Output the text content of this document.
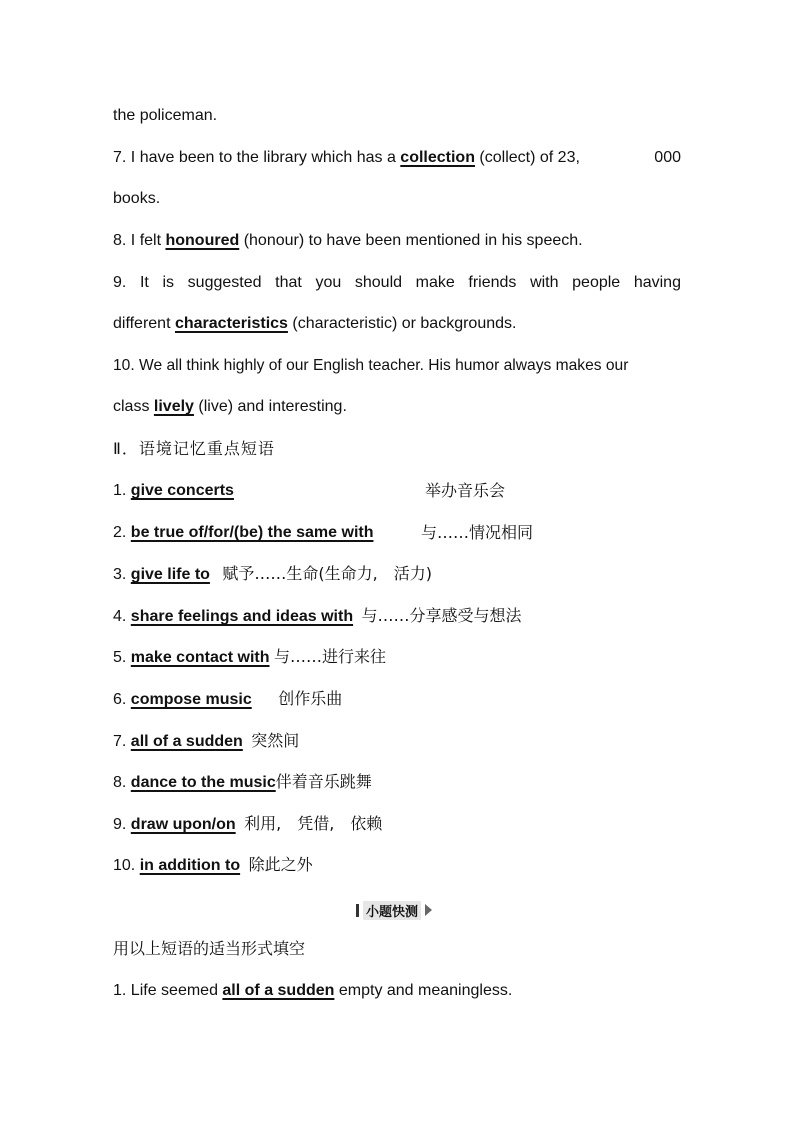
the policeman.
7. I have been to the library which has a collection (collect) of 23,	000
books.
8. I felt honoured (honour) to have been mentioned in his speech.
9. It is suggested that you should make friends with people having
different characteristics (characteristic) or backgrounds.
10. We all think highly of our English teacher. His humor always makes our
class lively (live) and interesting.
Ⅱ．语境记忆重点短语
1. give concerts	举办音乐会
2. be true of/for/(be) the same with	与……情况相同
3. give life to 赋予……生命(生命力,　活力)
4. share feelings and ideas with 与……分享感受与想法
5. make contact with 与……进行来往
6. compose music 创作乐曲
7. all of a sudden 突然间
8. dance to the music伴着音乐跳舞
9. draw upon/on 利用,　凭借,　依赖
10. in addition to 除此之外
小题快测
用以上短语的适当形式填空
1. Life seemed all of a sudden empty and meaningless.
